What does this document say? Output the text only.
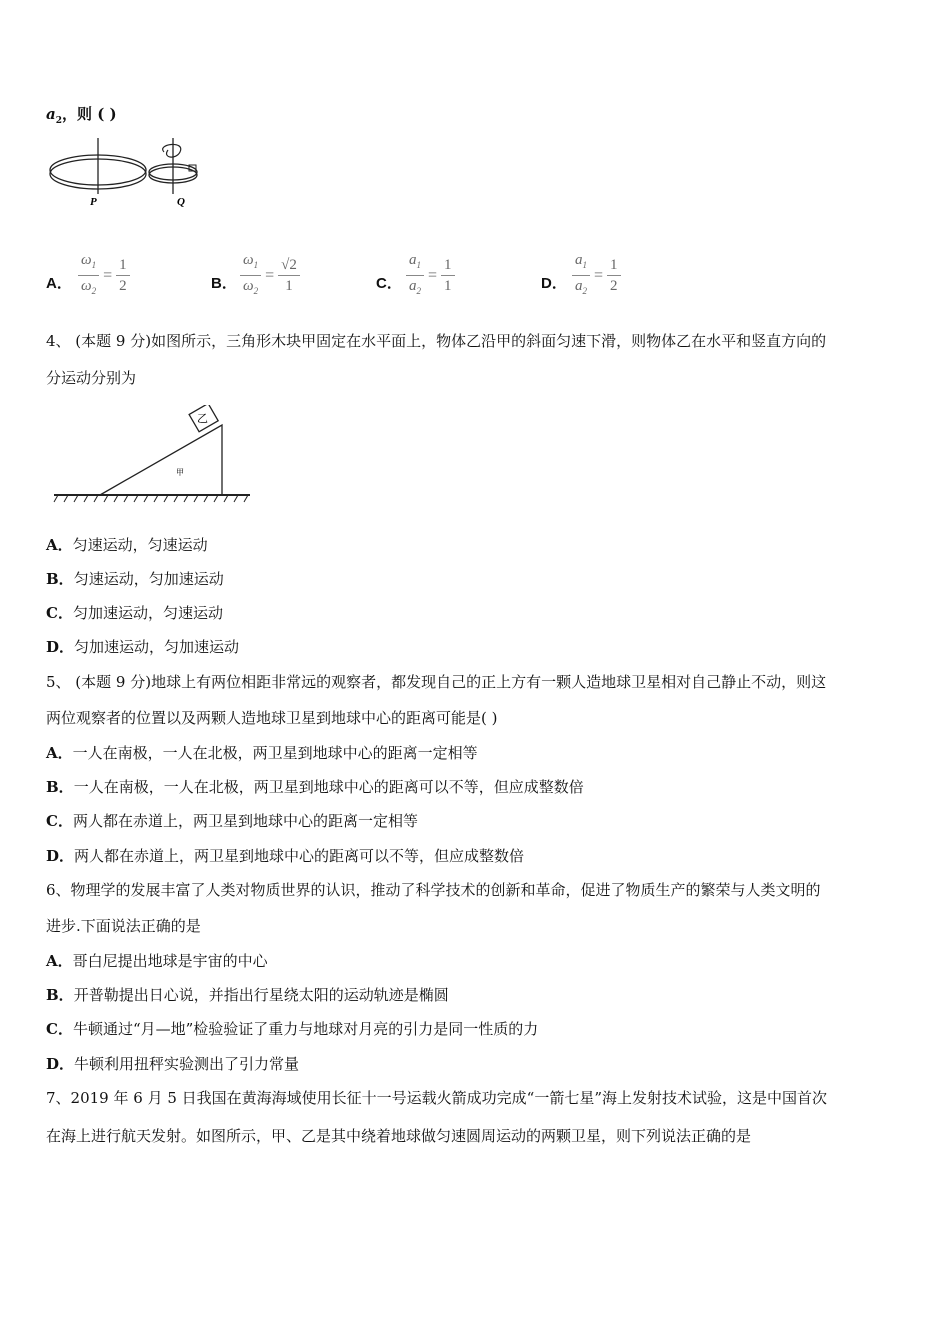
$a_2$，则 ( )
P	Q
A． $\frac{\omega_1}{\omega_2} = \frac{1}{2}$	B． $\frac{\omega_1}{\omega_2} = \frac{√2}{1}$	C． $\frac{a_1}{a_2} = \frac{1}{1}$	D． $\frac{a_1}{a_2} = \frac{1}{2}$
4、 (本题 9 分)如图所示，三角形木块甲固定在水平面上，物体乙沿甲的斜面匀速下滑，则物体乙在水平和竖直方向的
分运动分别为
乙
甲
A．匀速运动，匀速运动
B．匀速运动，匀加速运动
C．匀加速运动，匀速运动
D．匀加速运动，匀加速运动
5、 (本题 9 分)地球上有两位相距非常远的观察者，都发现自己的正上方有一颗人造地球卫星相对自己静止不动，则这
两位观察者的位置以及两颗人造地球卫星到地球中心的距离可能是( )
A．一人在南极，一人在北极，两卫星到地球中心的距离一定相等
B．一人在南极，一人在北极，两卫星到地球中心的距离可以不等，但应成整数倍
C．两人都在赤道上，两卫星到地球中心的距离一定相等
D．两人都在赤道上，两卫星到地球中心的距离可以不等，但应成整数倍
6、物理学的发展丰富了人类对物质世界的认识，推动了科学技术的创新和革命，促进了物质生产的繁荣与人类文明的
进步.下面说法正确的是
A．哥白尼提出地球是宇宙的中心
B．开普勒提出日心说，并指出行星绕太阳的运动轨迹是椭圆
C．牛顿通过“月—地”检验验证了重力与地球对月亮的引力是同一性质的力
D．牛顿利用扭秤实验测出了引力常量
7、2019 年 6 月 5 日我国在黄海海域使用长征十一号运载火箭成功完成“一箭七星”海上发射技术试验，这是中国首次
在海上进行航天发射。如图所示，甲、乙是其中绕着地球做匀速圆周运动的两颗卫星，则下列说法正确的是
